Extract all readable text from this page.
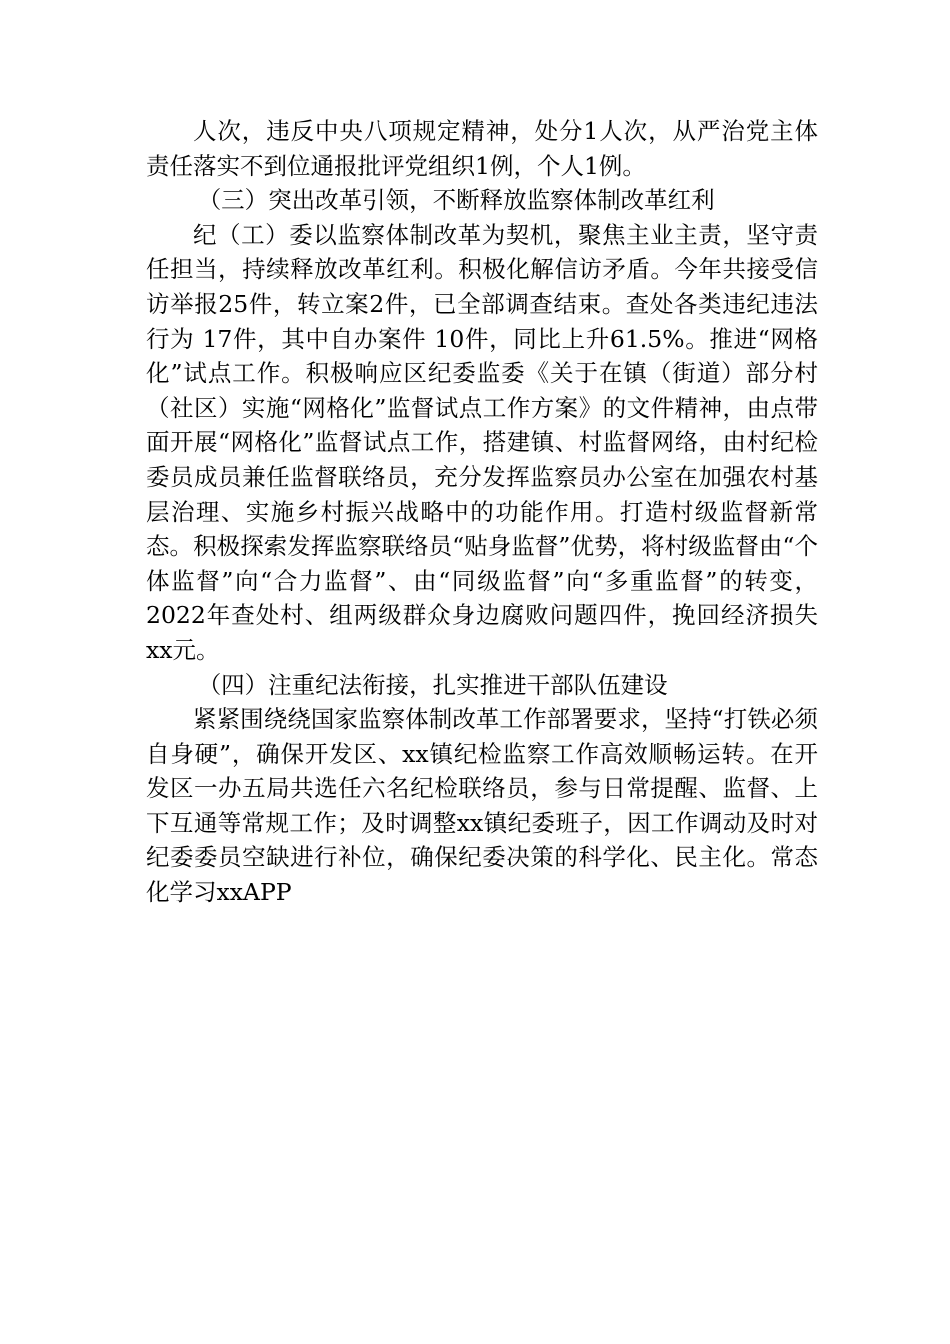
人次，违反中央八项规定精神，处分1人次，从严治党主体责任落实不到位通报批评党组织1例，个人1例。

（三）突出改革引领，不断释放监察体制改革红利

纪（工）委以监察体制改革为契机，聚焦主业主责，坚守责任担当，持续释放改革红利。积极化解信访矛盾。今年共接受信访举报25件，转立案2件，已全部调查结束。查处各类违纪违法行为 17件，其中自办案件 10件，同比上升61.5%。推进“网格化”试点工作。积极响应区纪委监委《关于在镇（街道）部分村（社区）实施“网格化”监督试点工作方案》的文件精神，由点带面开展“网格化”监督试点工作，搭建镇、村监督网络，由村纪检委员成员兼任监督联络员，充分发挥监察员办公室在加强农村基层治理、实施乡村振兴战略中的功能作用。打造村级监督新常态。积极探索发挥监察联络员“贴身监督”优势，将村级监督由“个体监督”向“合力监督”、由“同级监督”向“多重监督”的转变，2022年查处村、组两级群众身边腐败问题四件，挽回经济损失xx元。

（四）注重纪法衔接，扎实推进干部队伍建设

紧紧围绕绕国家监察体制改革工作部署要求，坚持“打铁必须自身硬”，确保开发区、xx镇纪检监察工作高效顺畅运转。在开发区一办五局共选任六名纪检联络员，参与日常提醒、监督、上下互通等常规工作；及时调整xx镇纪委班子，因工作调动及时对纪委委员空缺进行补位，确保纪委决策的科学化、民主化。常态化学习xxAPP
